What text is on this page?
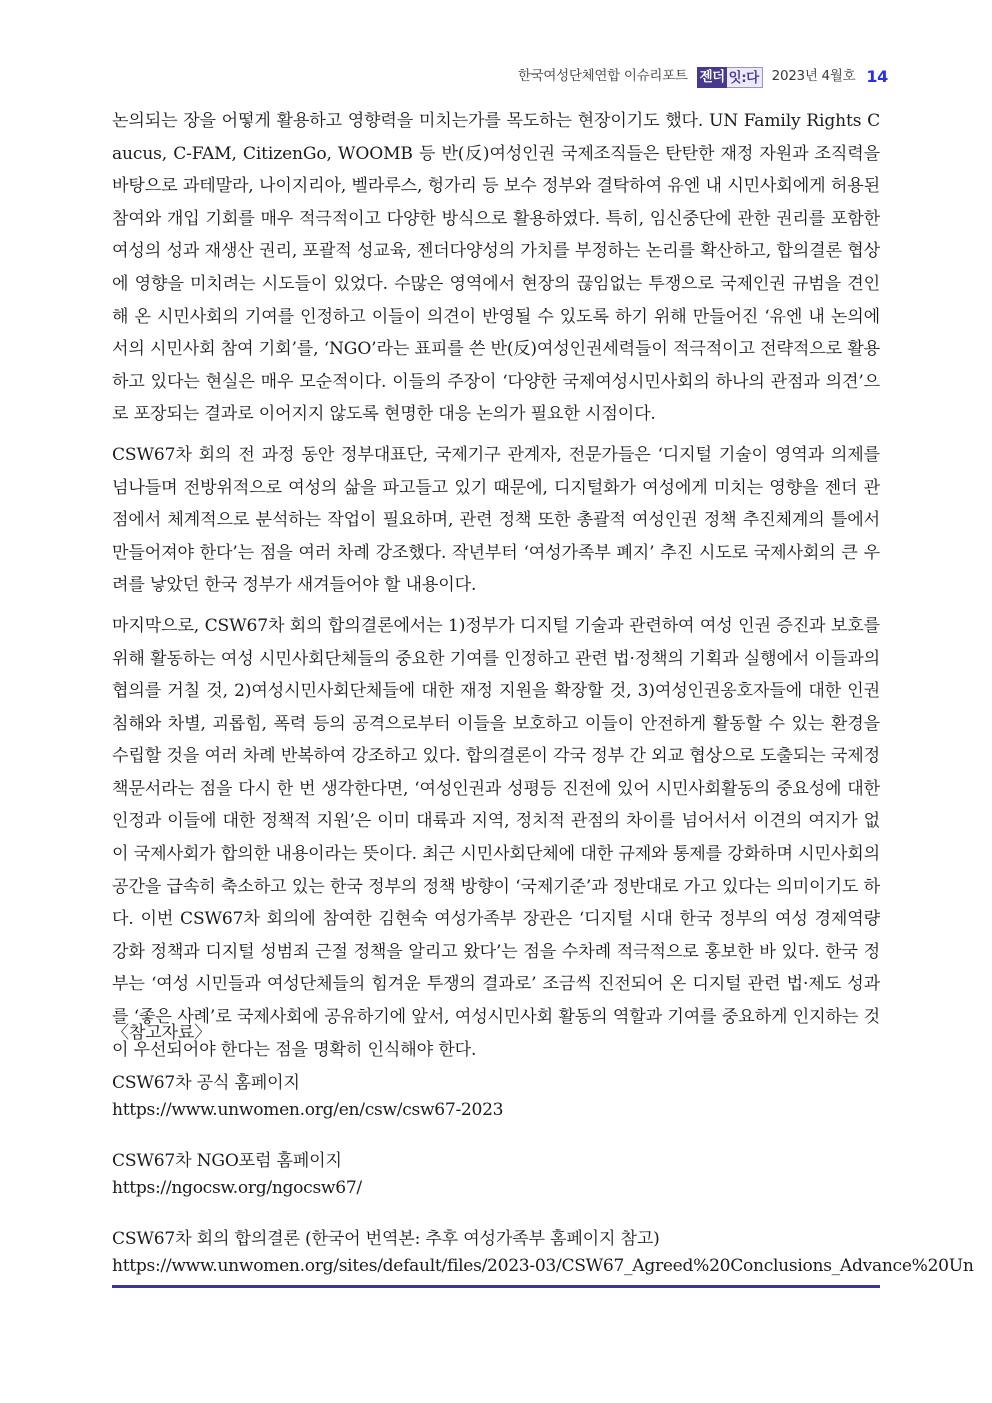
한국여성단체연합 이슈리포트 젠더 잇:다 2023년 4월호 14

논의되는 장을 어떻게 활용하고 영향력을 미치는가를 목도하는 현장이기도 했다. UN Family Rights Caucus, C-FAM, CitizenGo, WOOMB 등 반(反)여성인권 국제조직들은 탄탄한 재정 자원과 조직력을 바탕으로 과테말라, 나이지리아, 벨라루스, 헝가리 등 보수 정부와 결탁하여 유엔 내 시민사회에게 허용된 참여와 개입 기회를 매우 적극적이고 다양한 방식으로 활용하였다. 특히, 임신중단에 관한 권리를 포함한 여성의 성과 재생산 권리, 포괄적 성교육, 젠더다양성의 가치를 부정하는 논리를 확산하고, 합의결론 협상에 영향을 미치려는 시도들이 있었다. 수많은 영역에서 현장의 끊임없는 투쟁으로 국제인권 규범을 견인해 온 시민사회의 기여를 인정하고 이들이 의견이 반영될 수 있도록 하기 위해 만들어진 ‘유엔 내 논의에서의 시민사회 참여 기회’를, ‘NGO’라는 표피를 쓴 반(反)여성인권세력들이 적극적이고 전략적으로 활용하고 있다는 현실은 매우 모순적이다. 이들의 주장이 ‘다양한 국제여성시민사회의 하나의 관점과 의견’으로 포장되는 결과로 이어지지 않도록 현명한 대응 논의가 필요한 시점이다.

CSW67차 회의 전 과정 동안 정부대표단, 국제기구 관계자, 전문가들은 ‘디지털 기술이 영역과 의제를 넘나들며 전방위적으로 여성의 삶을 파고들고 있기 때문에, 디지털화가 여성에게 미치는 영향을 젠더 관점에서 체계적으로 분석하는 작업이 필요하며, 관련 정책 또한 총괄적 여성인권 정책 추진체계의 틀에서 만들어져야 한다’는 점을 여러 차례 강조했다. 작년부터 ‘여성가족부 폐지’ 추진 시도로 국제사회의 큰 우려를 낳았던 한국 정부가 새겨들어야 할 내용이다.

마지막으로, CSW67차 회의 합의결론에서는 1)정부가 디지털 기술과 관련하여 여성 인권 증진과 보호를 위해 활동하는 여성 시민사회단체들의 중요한 기여를 인정하고 관련 법·정책의 기획과 실행에서 이들과의 협의를 거칠 것, 2)여성시민사회단체들에 대한 재정 지원을 확장할 것, 3)여성인권옹호자들에 대한 인권 침해와 차별, 괴롭힘, 폭력 등의 공격으로부터 이들을 보호하고 이들이 안전하게 활동할 수 있는 환경을 수립할 것을 여러 차례 반복하여 강조하고 있다. 합의결론이 각국 정부 간 외교 협상으로 도출되는 국제정책문서라는 점을 다시 한 번 생각한다면, ‘여성인권과 성평등 진전에 있어 시민사회활동의 중요성에 대한 인정과 이들에 대한 정책적 지원’은 이미 대륙과 지역, 정치적 관점의 차이를 넘어서서 이견의 여지가 없이 국제사회가 합의한 내용이라는 뜻이다. 최근 시민사회단체에 대한 규제와 통제를 강화하며 시민사회의 공간을 급속히 축소하고 있는 한국 정부의 정책 방향이 ‘국제기준’과 정반대로 가고 있다는 의미이기도 하다. 이번 CSW67차 회의에 참여한 김현숙 여성가족부 장관은 ‘디지털 시대 한국 정부의 여성 경제역량 강화 정책과 디지털 성범죄 근절 정책을 알리고 왔다’는 점을 수차례 적극적으로 홍보한 바 있다. 한국 정부는 ‘여성 시민들과 여성단체들의 힘겨운 투쟁의 결과로’ 조금씩 진전되어 온 디지털 관련 법·제도 성과를 ‘좋은 사례’로 국제사회에 공유하기에 앞서, 여성시민사회 활동의 역할과 기여를 중요하게 인지하는 것이 우선되어야 한다는 점을 명확히 인식해야 한다.

〈참고자료〉
CSW67차 공식 홈페이지
https://www.unwomen.org/en/csw/csw67-2023
CSW67차 NGO포럼 홈페이지
https://ngocsw.org/ngocsw67/
CSW67차 회의 합의결론 (한국어 번역본: 추후 여성가족부 홈페이지 참고)
https://www.unwomen.org/sites/default/files/2023-03/CSW67_Agreed%20Conclusions_Advance%20Un
